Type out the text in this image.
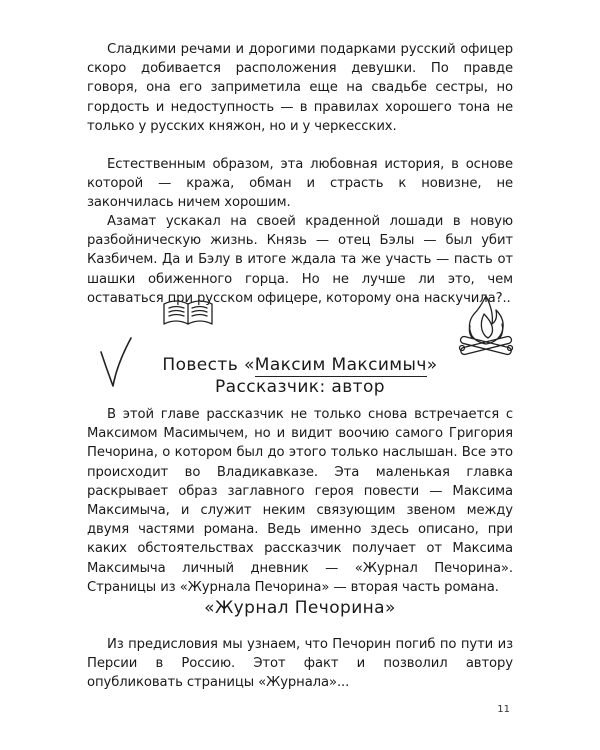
Сладкими речами и дорогими подарками русский офицер скоро добивается расположения девушки. По правде говоря, она его заприметила еще на свадьбе сестры, но гордость и недоступность — в правилах хорошего тона не только у русских княжон, но и у черкесских.

Естественным образом, эта любовная история, в основе которой — кража, обман и страсть к новизне, не закончилась ничем хорошим.

Азамат ускакал на своей краденной лошади в новую разбойническую жизнь. Князь — отец Бэлы — был убит Казбичем. Да и Бэлу в итоге ждала та же участь — пасть от шашки обиженного горца. Но не лучше ли это, чем оставаться при русском офицере, которому она наскучила?..

Повесть «Максим Максимыч»
Рассказчик: автор

В этой главе рассказчик не только снова встречается с Максимом Масимычем, но и видит воочию самого Григория Печорина, о котором был до этого только наслышан. Все это происходит во Владикавказе. Эта маленькая главка раскрывает образ заглавного героя повести — Максима Максимыча, и служит неким связующим звеном между двумя частями романа. Ведь именно здесь описано, при каких обстоятельствах рассказчик получает от Максима Максимыча личный дневник — «Журнал Печорина». Страницы из «Журнала Печорина» — вторая часть романа.

«Журнал Печорина»

Из предисловия мы узнаем, что Печорин погиб по пути из Персии в Россию. Этот факт и позволил автору опубликовать страницы «Журнала»...

11
